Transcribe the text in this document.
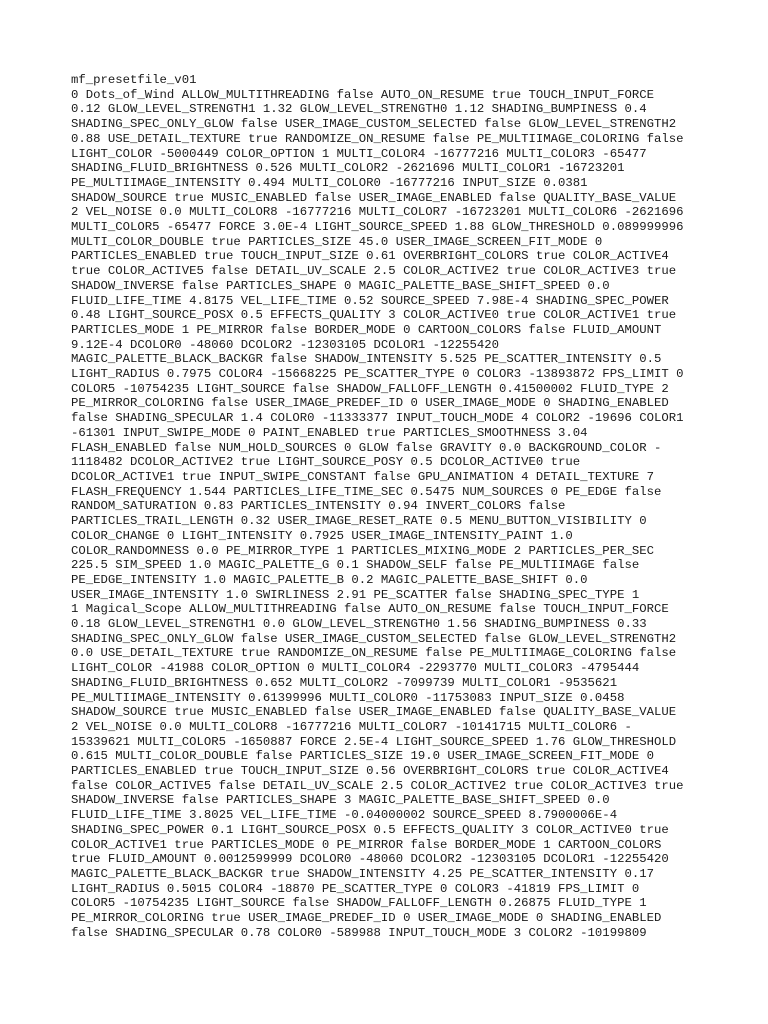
mf_presetfile_v01
0 Dots_of_Wind ALLOW_MULTITHREADING false AUTO_ON_RESUME true TOUCH_INPUT_FORCE
0.12 GLOW_LEVEL_STRENGTH1 1.32 GLOW_LEVEL_STRENGTH0 1.12 SHADING_BUMPINESS 0.4
SHADING_SPEC_ONLY_GLOW false USER_IMAGE_CUSTOM_SELECTED false GLOW_LEVEL_STRENGTH2
0.88 USE_DETAIL_TEXTURE true RANDOMIZE_ON_RESUME false PE_MULTIIMAGE_COLORING false
LIGHT_COLOR -5000449 COLOR_OPTION 1 MULTI_COLOR4 -16777216 MULTI_COLOR3 -65477
SHADING_FLUID_BRIGHTNESS 0.526 MULTI_COLOR2 -2621696 MULTI_COLOR1 -16723201
PE_MULTIIMAGE_INTENSITY 0.494 MULTI_COLOR0 -16777216 INPUT_SIZE 0.0381
SHADOW_SOURCE true MUSIC_ENABLED false USER_IMAGE_ENABLED false QUALITY_BASE_VALUE
2 VEL_NOISE 0.0 MULTI_COLOR8 -16777216 MULTI_COLOR7 -16723201 MULTI_COLOR6 -2621696
MULTI_COLOR5 -65477 FORCE 3.0E-4 LIGHT_SOURCE_SPEED 1.88 GLOW_THRESHOLD 0.089999996
MULTI_COLOR_DOUBLE true PARTICLES_SIZE 45.0 USER_IMAGE_SCREEN_FIT_MODE 0
PARTICLES_ENABLED true TOUCH_INPUT_SIZE 0.61 OVERBRIGHT_COLORS true COLOR_ACTIVE4
true COLOR_ACTIVE5 false DETAIL_UV_SCALE 2.5 COLOR_ACTIVE2 true COLOR_ACTIVE3 true
SHADOW_INVERSE false PARTICLES_SHAPE 0 MAGIC_PALETTE_BASE_SHIFT_SPEED 0.0
FLUID_LIFE_TIME 4.8175 VEL_LIFE_TIME 0.52 SOURCE_SPEED 7.98E-4 SHADING_SPEC_POWER
0.48 LIGHT_SOURCE_POSX 0.5 EFFECTS_QUALITY 3 COLOR_ACTIVE0 true COLOR_ACTIVE1 true
PARTICLES_MODE 1 PE_MIRROR false BORDER_MODE 0 CARTOON_COLORS false FLUID_AMOUNT
9.12E-4 DCOLOR0 -48060 DCOLOR2 -12303105 DCOLOR1 -12255420
MAGIC_PALETTE_BLACK_BACKGR false SHADOW_INTENSITY 5.525 PE_SCATTER_INTENSITY 0.5
LIGHT_RADIUS 0.7975 COLOR4 -15668225 PE_SCATTER_TYPE 0 COLOR3 -13893872 FPS_LIMIT 0
COLOR5 -10754235 LIGHT_SOURCE false SHADOW_FALLOFF_LENGTH 0.41500002 FLUID_TYPE 2
PE_MIRROR_COLORING false USER_IMAGE_PREDEF_ID 0 USER_IMAGE_MODE 0 SHADING_ENABLED
false SHADING_SPECULAR 1.4 COLOR0 -11333377 INPUT_TOUCH_MODE 4 COLOR2 -19696 COLOR1
-61301 INPUT_SWIPE_MODE 0 PAINT_ENABLED true PARTICLES_SMOOTHNESS 3.04
FLASH_ENABLED false NUM_HOLD_SOURCES 0 GLOW false GRAVITY 0.0 BACKGROUND_COLOR -
1118482 DCOLOR_ACTIVE2 true LIGHT_SOURCE_POSY 0.5 DCOLOR_ACTIVE0 true
DCOLOR_ACTIVE1 true INPUT_SWIPE_CONSTANT false GPU_ANIMATION 4 DETAIL_TEXTURE 7
FLASH_FREQUENCY 1.544 PARTICLES_LIFE_TIME_SEC 0.5475 NUM_SOURCES 0 PE_EDGE false
RANDOM_SATURATION 0.83 PARTICLES_INTENSITY 0.94 INVERT_COLORS false
PARTICLES_TRAIL_LENGTH 0.32 USER_IMAGE_RESET_RATE 0.5 MENU_BUTTON_VISIBILITY 0
COLOR_CHANGE 0 LIGHT_INTENSITY 0.7925 USER_IMAGE_INTENSITY_PAINT 1.0
COLOR_RANDOMNESS 0.0 PE_MIRROR_TYPE 1 PARTICLES_MIXING_MODE 2 PARTICLES_PER_SEC
225.5 SIM_SPEED 1.0 MAGIC_PALETTE_G 0.1 SHADOW_SELF false PE_MULTIIMAGE false
PE_EDGE_INTENSITY 1.0 MAGIC_PALETTE_B 0.2 MAGIC_PALETTE_BASE_SHIFT 0.0
USER_IMAGE_INTENSITY 1.0 SWIRLINESS 2.91 PE_SCATTER false SHADING_SPEC_TYPE 1
1 Magical_Scope ALLOW_MULTITHREADING false AUTO_ON_RESUME false TOUCH_INPUT_FORCE
0.18 GLOW_LEVEL_STRENGTH1 0.0 GLOW_LEVEL_STRENGTH0 1.56 SHADING_BUMPINESS 0.33
SHADING_SPEC_ONLY_GLOW false USER_IMAGE_CUSTOM_SELECTED false GLOW_LEVEL_STRENGTH2
0.0 USE_DETAIL_TEXTURE true RANDOMIZE_ON_RESUME false PE_MULTIIMAGE_COLORING false
LIGHT_COLOR -41988 COLOR_OPTION 0 MULTI_COLOR4 -2293770 MULTI_COLOR3 -4795444
SHADING_FLUID_BRIGHTNESS 0.652 MULTI_COLOR2 -7099739 MULTI_COLOR1 -9535621
PE_MULTIIMAGE_INTENSITY 0.61399996 MULTI_COLOR0 -11753083 INPUT_SIZE 0.0458
SHADOW_SOURCE true MUSIC_ENABLED false USER_IMAGE_ENABLED false QUALITY_BASE_VALUE
2 VEL_NOISE 0.0 MULTI_COLOR8 -16777216 MULTI_COLOR7 -10141715 MULTI_COLOR6 -
15339621 MULTI_COLOR5 -1650887 FORCE 2.5E-4 LIGHT_SOURCE_SPEED 1.76 GLOW_THRESHOLD
0.615 MULTI_COLOR_DOUBLE false PARTICLES_SIZE 19.0 USER_IMAGE_SCREEN_FIT_MODE 0
PARTICLES_ENABLED true TOUCH_INPUT_SIZE 0.56 OVERBRIGHT_COLORS true COLOR_ACTIVE4
false COLOR_ACTIVE5 false DETAIL_UV_SCALE 2.5 COLOR_ACTIVE2 true COLOR_ACTIVE3 true
SHADOW_INVERSE false PARTICLES_SHAPE 3 MAGIC_PALETTE_BASE_SHIFT_SPEED 0.0
FLUID_LIFE_TIME 3.8025 VEL_LIFE_TIME -0.04000002 SOURCE_SPEED 8.7900006E-4
SHADING_SPEC_POWER 0.1 LIGHT_SOURCE_POSX 0.5 EFFECTS_QUALITY 3 COLOR_ACTIVE0 true
COLOR_ACTIVE1 true PARTICLES_MODE 0 PE_MIRROR false BORDER_MODE 1 CARTOON_COLORS
true FLUID_AMOUNT 0.0012599999 DCOLOR0 -48060 DCOLOR2 -12303105 DCOLOR1 -12255420
MAGIC_PALETTE_BLACK_BACKGR true SHADOW_INTENSITY 4.25 PE_SCATTER_INTENSITY 0.17
LIGHT_RADIUS 0.5015 COLOR4 -18870 PE_SCATTER_TYPE 0 COLOR3 -41819 FPS_LIMIT 0
COLOR5 -10754235 LIGHT_SOURCE false SHADOW_FALLOFF_LENGTH 0.26875 FLUID_TYPE 1
PE_MIRROR_COLORING true USER_IMAGE_PREDEF_ID 0 USER_IMAGE_MODE 0 SHADING_ENABLED
false SHADING_SPECULAR 0.78 COLOR0 -589988 INPUT_TOUCH_MODE 3 COLOR2 -10199809
